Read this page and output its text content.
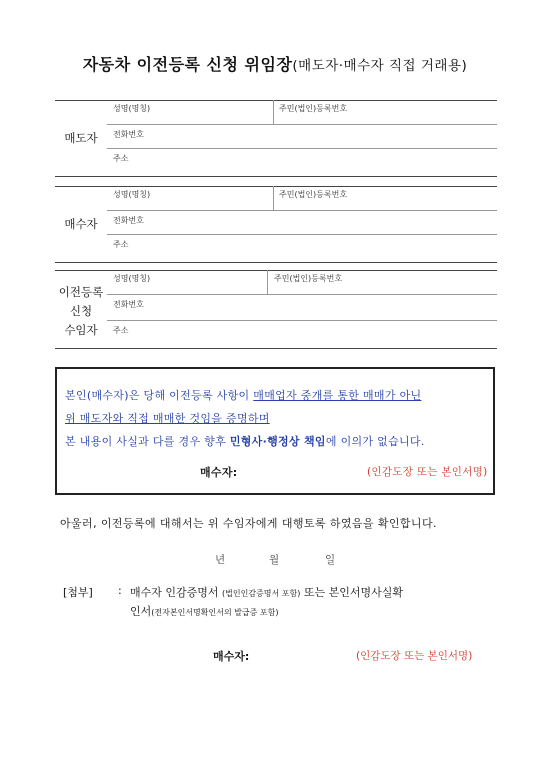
자동차 이전등록 신청 위임장(매도자·매수자 직접 거래용)
매도자
성명(명칭)	주민(법인)등록번호
전화번호
주소
매수자
성명(명칭)	주민(법인)등록번호
전화번호
주소
이전등록
신청
수임자
성명(명칭)	주민(법인)등록번호
전화번호
주소
본인(매수자)은 당해 이전등록 사항이 매매업자 중개를 통한 매매가 아닌
위 매도자와 직접 매매한 것임을 증명하며
본 내용이 사실과 다를 경우 향후 민형사·행정상 책임에 이의가 없습니다.
매수자:	(인감도장 또는 본인서명)
아울러, 이전등록에 대해서는 위 수임자에게 대행토록 하였음을 확인합니다.
년	월	일
[첨부] : 매수자 인감증명서 (법인인감증명서 포함) 또는 본인서명사실확
인서(전자본인서명확인서의 발급증 포함)
매수자:	(인감도장 또는 본인서명)
